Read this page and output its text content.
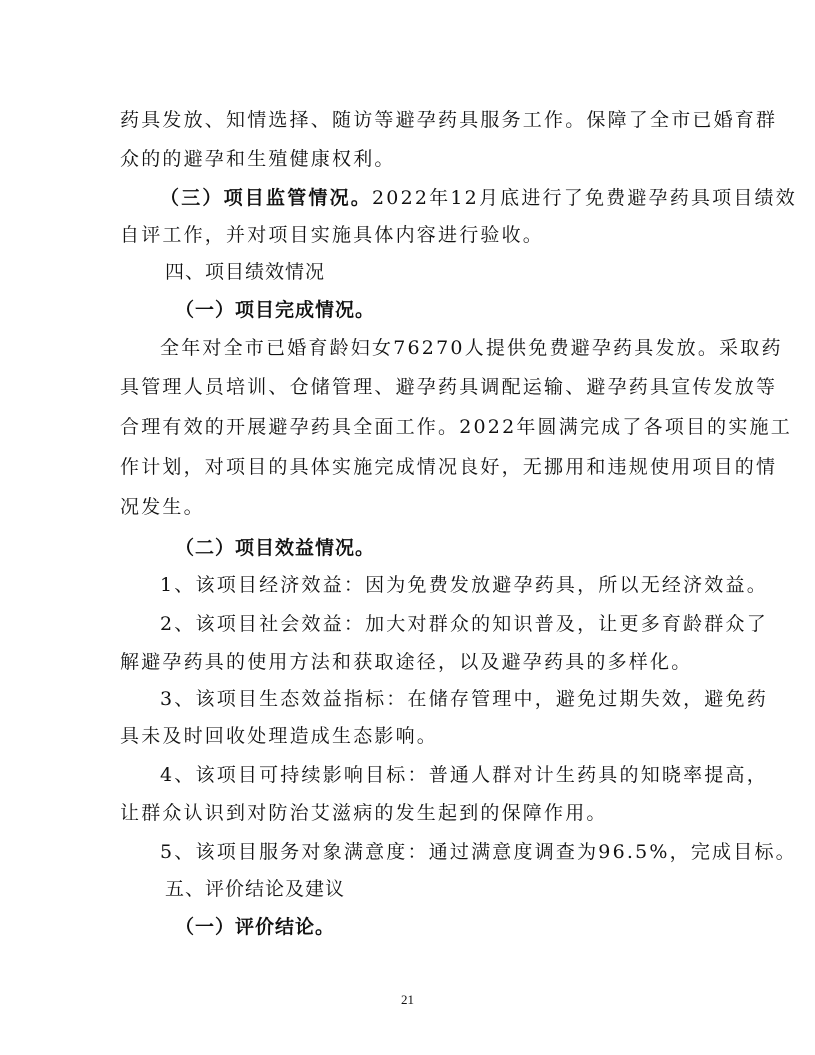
药具发放、知情选择、随访等避孕药具服务工作。保障了全市已婚育群
众的的避孕和生殖健康权利。
（三）项目监管情况。2022年12月底进行了免费避孕药具项目绩效
自评工作，并对项目实施具体内容进行验收。
四、项目绩效情况
（一）项目完成情况。
全年对全市已婚育龄妇女76270人提供免费避孕药具发放。采取药
具管理人员培训、仓储管理、避孕药具调配运输、避孕药具宣传发放等
合理有效的开展避孕药具全面工作。2022年圆满完成了各项目的实施工
作计划，对项目的具体实施完成情况良好，无挪用和违规使用项目的情
况发生。
（二）项目效益情况。
1、该项目经济效益：因为免费发放避孕药具，所以无经济效益。
2、该项目社会效益：加大对群众的知识普及，让更多育龄群众了
解避孕药具的使用方法和获取途径，以及避孕药具的多样化。
3、该项目生态效益指标：在储存管理中，避免过期失效，避免药
具未及时回收处理造成生态影响。
4、该项目可持续影响目标：普通人群对计生药具的知晓率提高，
让群众认识到对防治艾滋病的发生起到的保障作用。
5、该项目服务对象满意度：通过满意度调查为96.5%，完成目标。
五、评价结论及建议
（一）评价结论。
21
